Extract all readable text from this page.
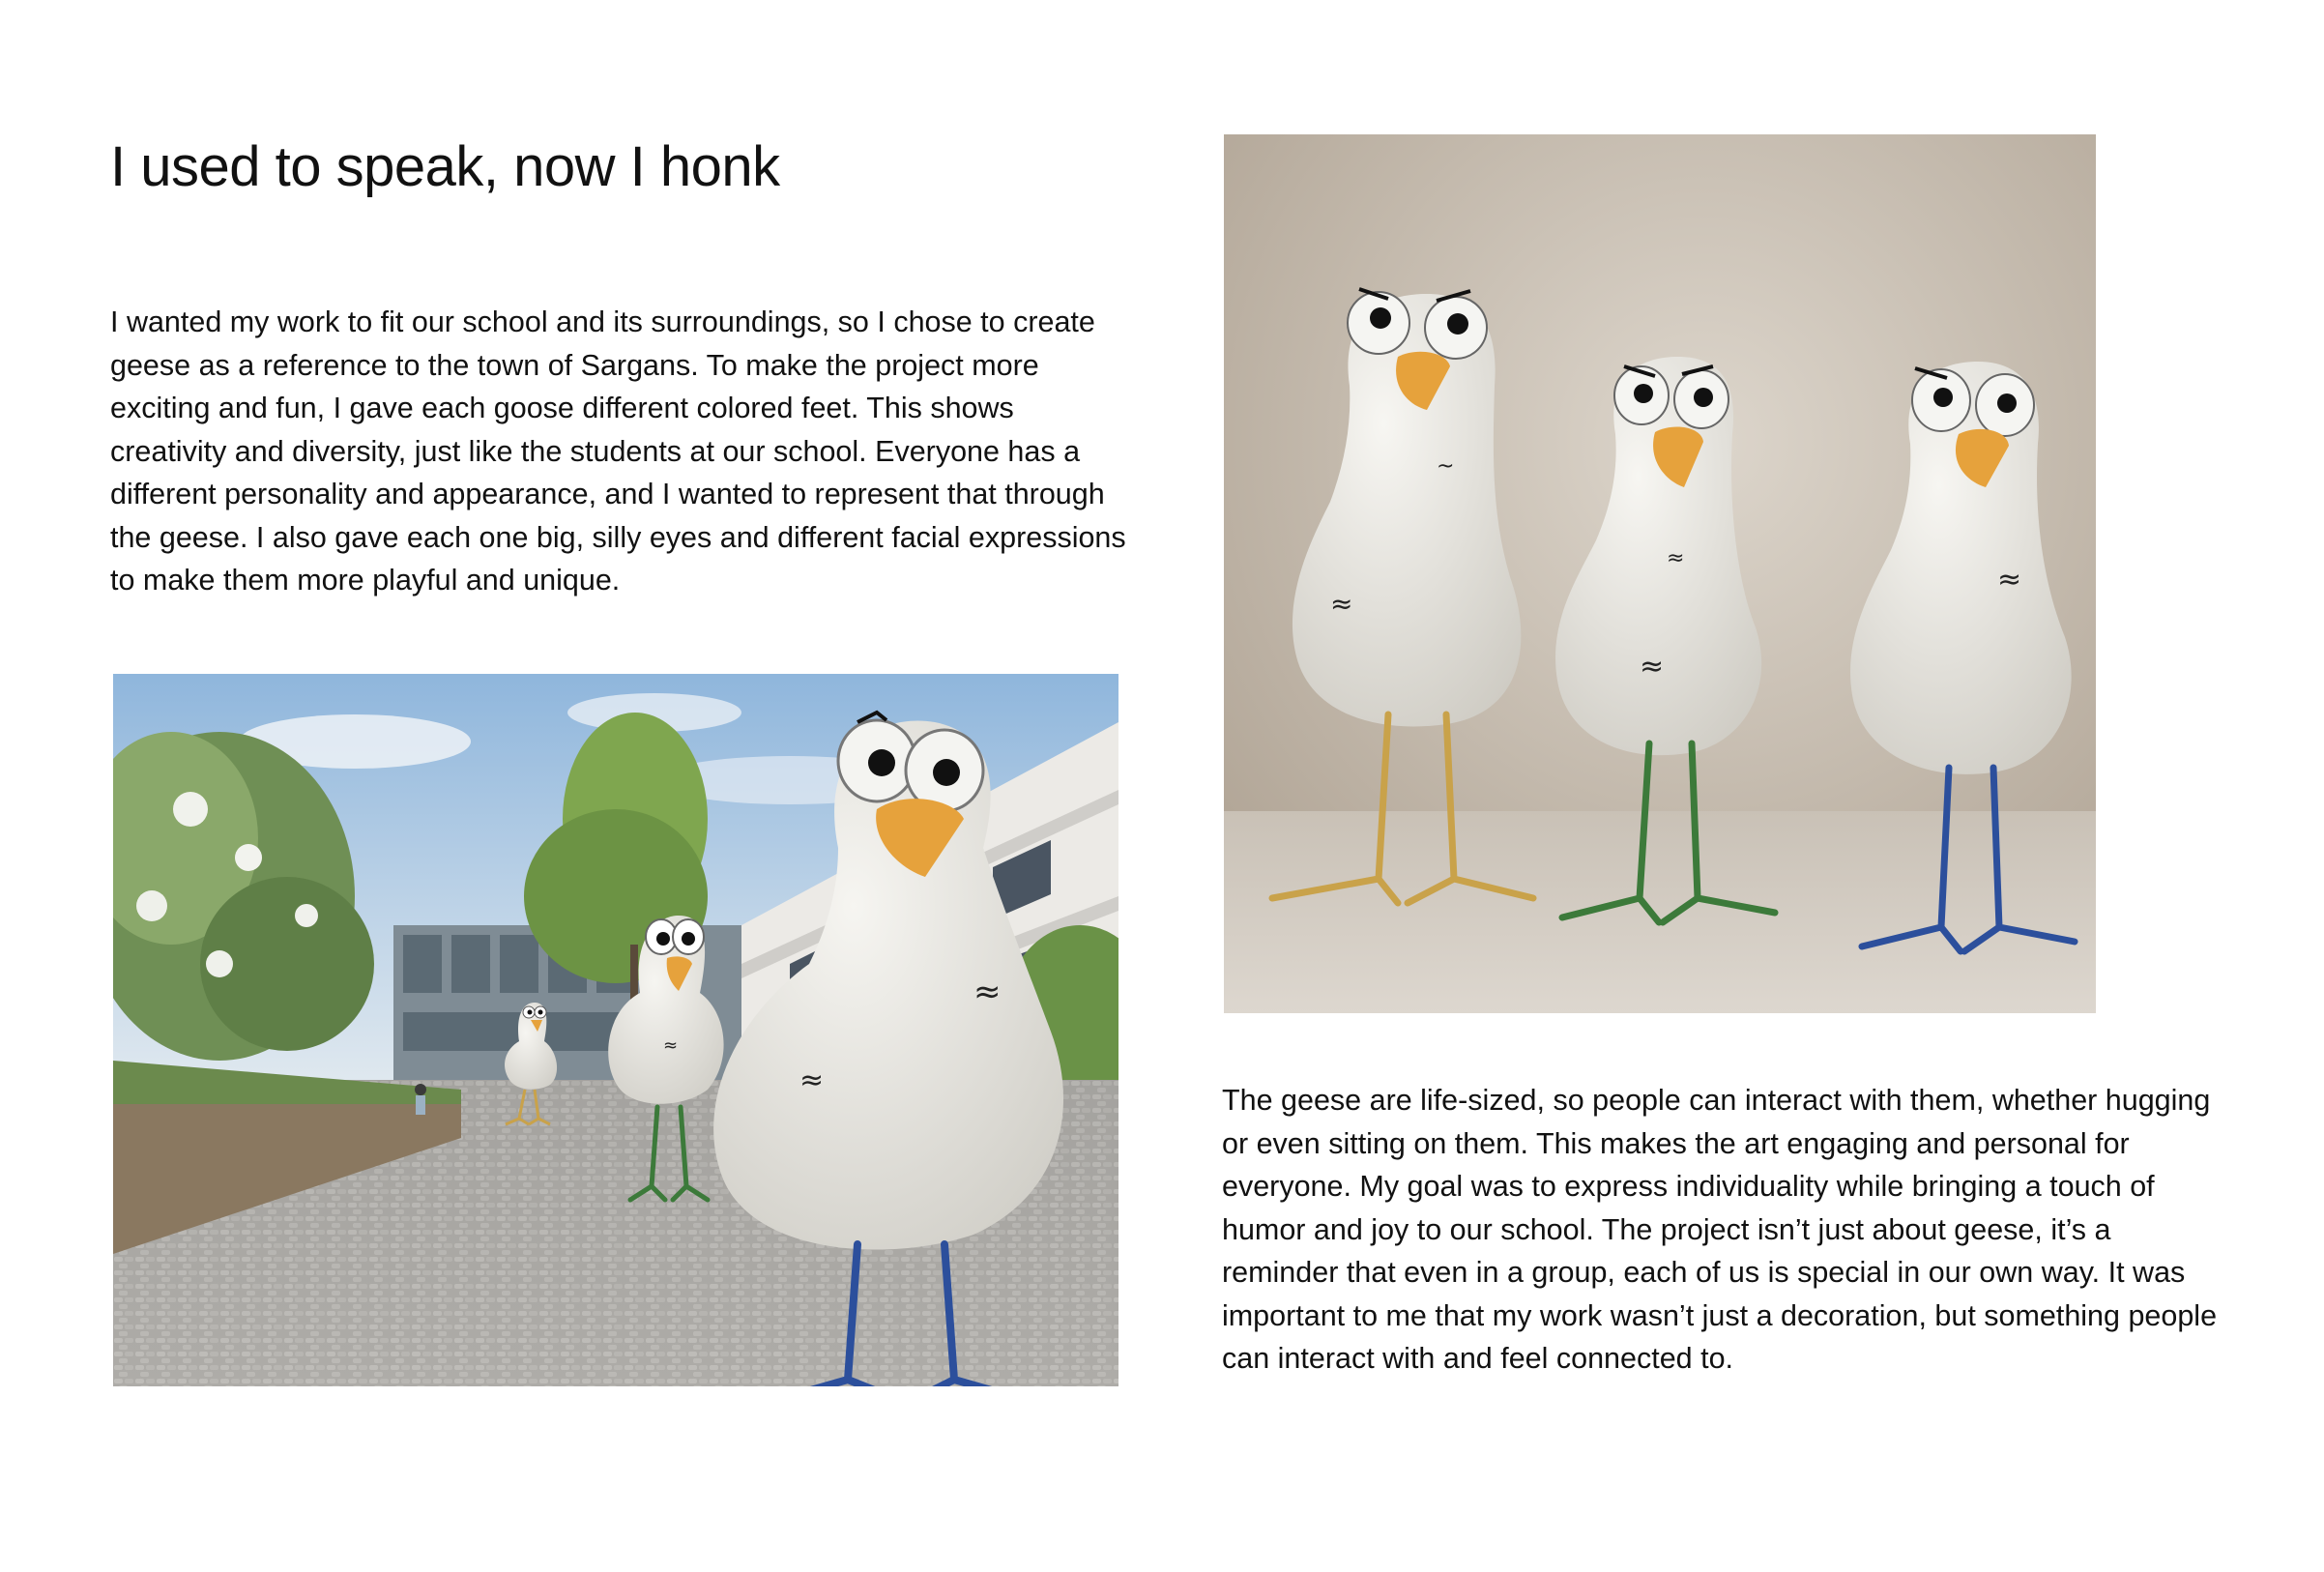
I used to speak, now I honk

I wanted my work to fit our school and its surroundings, so I chose to create geese as a reference to the town of Sargans. To make the project more exciting and fun, I gave each goose different colored feet. This shows creativity and diversity, just like the students at our school. Everyone has a different personality and appearance, and I wanted to represent that through the geese. I also gave each one big, silly eyes and different facial expressions to make them more playful and unique.

≈
≈
≈
≈
~
≈
≈
≈

The geese are life-sized, so people can interact with them, whether hugging or even sitting on them. This makes the art engaging and personal for everyone. My goal was to express individuality while bringing a touch of humor and joy to our school. The project isn’t just about geese, it’s a reminder that even in a group, each of us is special in our own way. It was important to me that my work wasn’t just a decoration, but something people can interact with and feel connected to.
